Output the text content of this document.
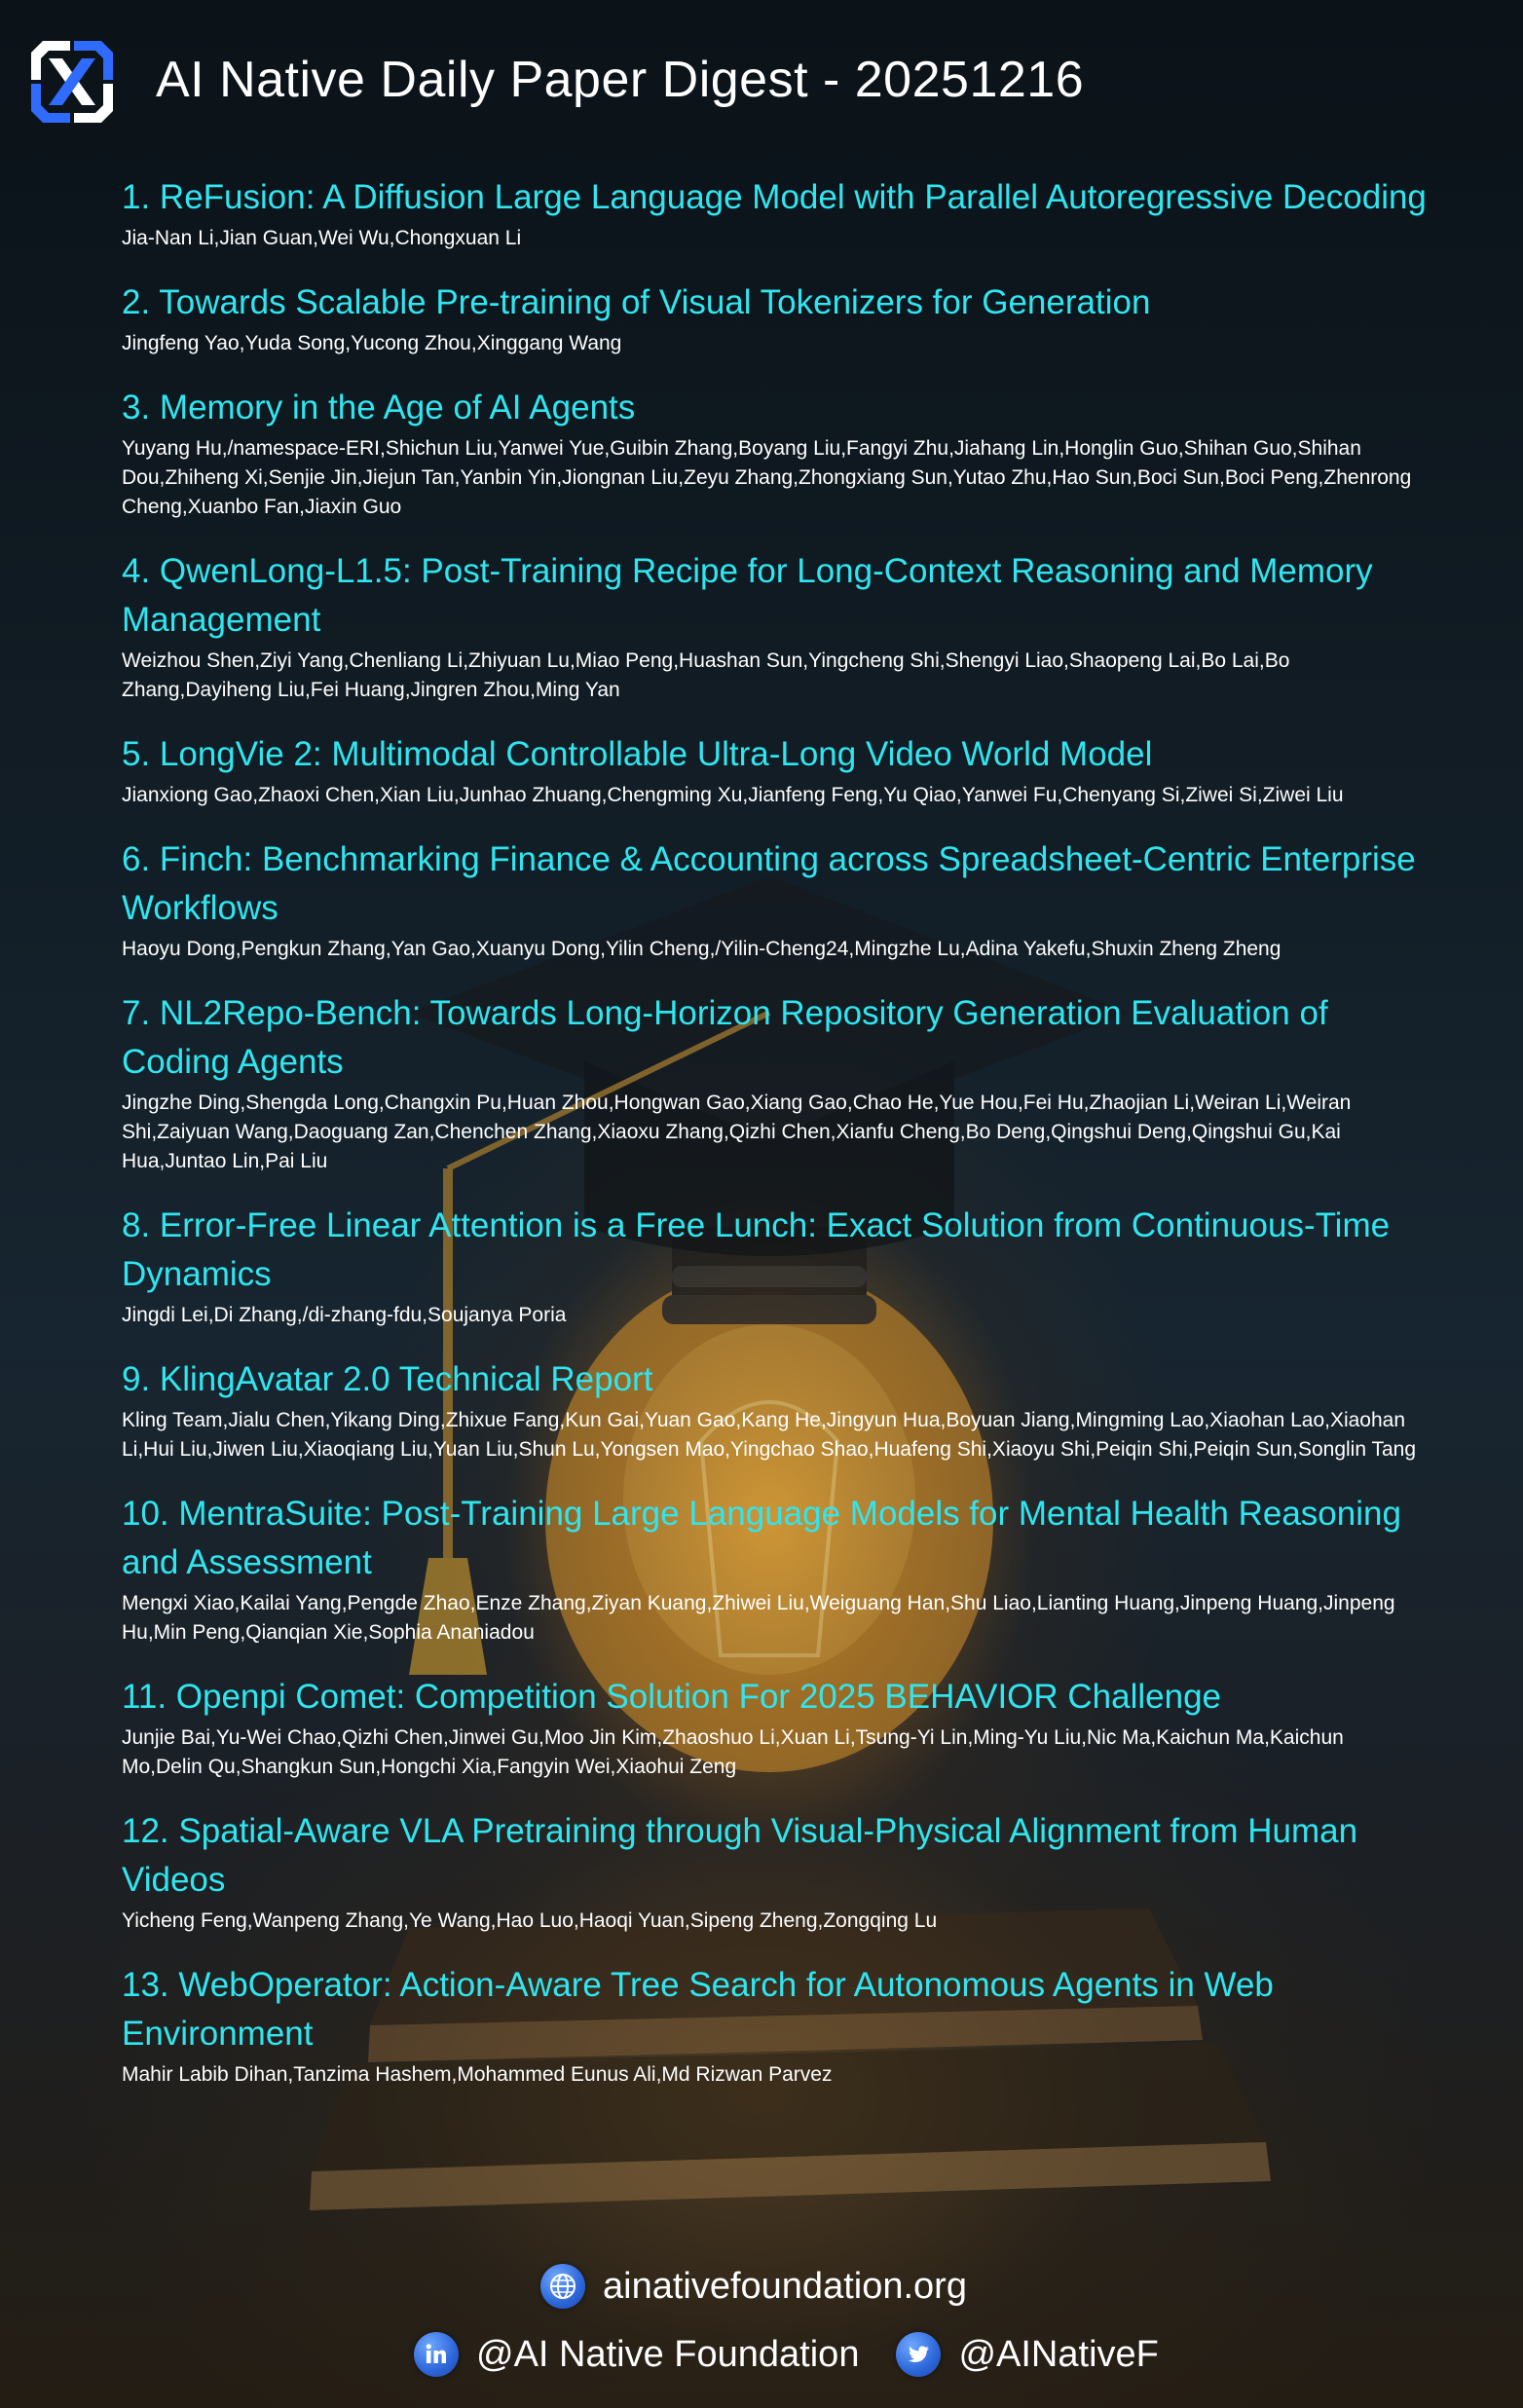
AI Native Daily Paper Digest - 20251216
1. ReFusion: A Diffusion Large Language Model with Parallel Autoregressive Decoding
Jia-Nan Li,Jian Guan,Wei Wu,Chongxuan Li
2. Towards Scalable Pre-training of Visual Tokenizers for Generation
Jingfeng Yao,Yuda Song,Yucong Zhou,Xinggang Wang
3. Memory in the Age of AI Agents
Yuyang Hu,/namespace-ERI,Shichun Liu,Yanwei Yue,Guibin Zhang,Boyang Liu,Fangyi Zhu,Jiahang Lin,Honglin Guo,Shihan Guo,Shihan Dou,Zhiheng Xi,Senjie Jin,Jiejun Tan,Yanbin Yin,Jiongnan Liu,Zeyu Zhang,Zhongxiang Sun,Yutao Zhu,Hao Sun,Boci Sun,Boci Peng,Zhenrong Cheng,Xuanbo Fan,Jiaxin Guo
4. QwenLong-L1.5: Post-Training Recipe for Long-Context Reasoning and Memory Management
Weizhou Shen,Ziyi Yang,Chenliang Li,Zhiyuan Lu,Miao Peng,Huashan Sun,Yingcheng Shi,Shengyi Liao,Shaopeng Lai,Bo Lai,Bo Zhang,Dayiheng Liu,Fei Huang,Jingren Zhou,Ming Yan
5. LongVie 2: Multimodal Controllable Ultra-Long Video World Model
Jianxiong Gao,Zhaoxi Chen,Xian Liu,Junhao Zhuang,Chengming Xu,Jianfeng Feng,Yu Qiao,Yanwei Fu,Chenyang Si,Ziwei Si,Ziwei Liu
6. Finch: Benchmarking Finance & Accounting across Spreadsheet-Centric Enterprise Workflows
Haoyu Dong,Pengkun Zhang,Yan Gao,Xuanyu Dong,Yilin Cheng,/Yilin-Cheng24,Mingzhe Lu,Adina Yakefu,Shuxin Zheng Zheng
7. NL2Repo-Bench: Towards Long-Horizon Repository Generation Evaluation of Coding Agents
Jingzhe Ding,Shengda Long,Changxin Pu,Huan Zhou,Hongwan Gao,Xiang Gao,Chao He,Yue Hou,Fei Hu,Zhaojian Li,Weiran Li,Weiran Shi,Zaiyuan Wang,Daoguang Zan,Chenchen Zhang,Xiaoxu Zhang,Qizhi Chen,Xianfu Cheng,Bo Deng,Qingshui Deng,Qingshui Gu,Kai Hua,Juntao Lin,Pai Liu
8. Error-Free Linear Attention is a Free Lunch: Exact Solution from Continuous-Time Dynamics
Jingdi Lei,Di Zhang,/di-zhang-fdu,Soujanya Poria
9. KlingAvatar 2.0 Technical Report
Kling Team,Jialu Chen,Yikang Ding,Zhixue Fang,Kun Gai,Yuan Gao,Kang He,Jingyun Hua,Boyuan Jiang,Mingming Lao,Xiaohan Lao,Xiaohan Li,Hui Liu,Jiwen Liu,Xiaoqiang Liu,Yuan Liu,Shun Lu,Yongsen Mao,Yingchao Shao,Huafeng Shi,Xiaoyu Shi,Peiqin Shi,Peiqin Sun,Songlin Tang
10. MentraSuite: Post-Training Large Language Models for Mental Health Reasoning and Assessment
Mengxi Xiao,Kailai Yang,Pengde Zhao,Enze Zhang,Ziyan Kuang,Zhiwei Liu,Weiguang Han,Shu Liao,Lianting Huang,Jinpeng Huang,Jinpeng Hu,Min Peng,Qianqian Xie,Sophia Ananiadou
11. Openpi Comet: Competition Solution For 2025 BEHAVIOR Challenge
Junjie Bai,Yu-Wei Chao,Qizhi Chen,Jinwei Gu,Moo Jin Kim,Zhaoshuo Li,Xuan Li,Tsung-Yi Lin,Ming-Yu Liu,Nic Ma,Kaichun Ma,Kaichun Mo,Delin Qu,Shangkun Sun,Hongchi Xia,Fangyin Wei,Xiaohui Zeng
12. Spatial-Aware VLA Pretraining through Visual-Physical Alignment from Human Videos
Yicheng Feng,Wanpeng Zhang,Ye Wang,Hao Luo,Haoqi Yuan,Sipeng Zheng,Zongqing Lu
13. WebOperator: Action-Aware Tree Search for Autonomous Agents in Web Environment
Mahir Labib Dihan,Tanzima Hashem,Mohammed Eunus Ali,Md Rizwan Parvez
ainativefoundation.org
@AI Native Foundation	@AINativeF
